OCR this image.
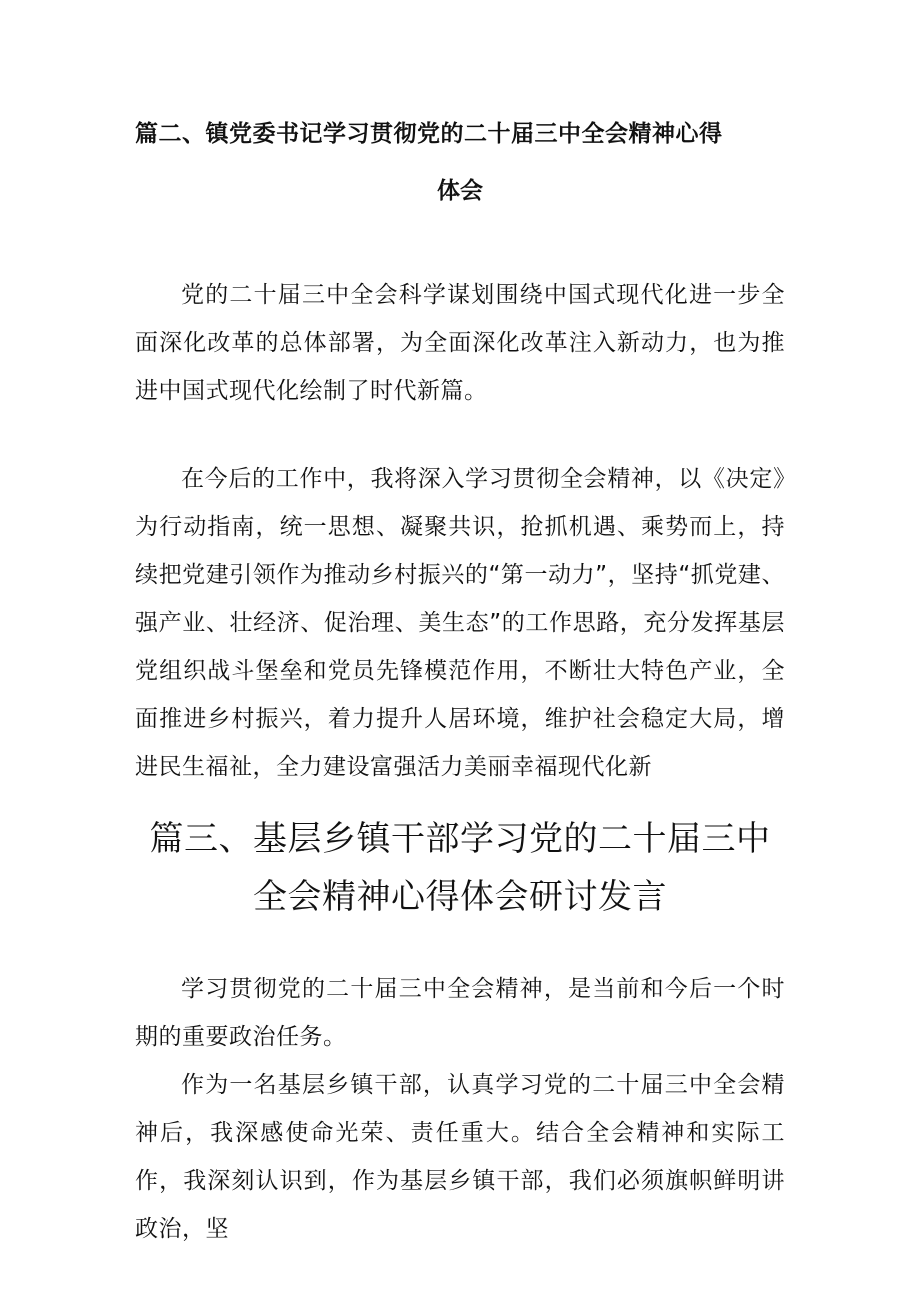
篇二、镇党委书记学习贯彻党的二十届三中全会精神心得
体会

党的二十届三中全会科学谋划围绕中国式现代化进一步全面深化改革的总体部署，为全面深化改革注入新动力，也为推进中国式现代化绘制了时代新篇。

在今后的工作中，我将深入学习贯彻全会精神，以《决定》为行动指南，统一思想、凝聚共识，抢抓机遇、乘势而上，持续把党建引领作为推动乡村振兴的“第一动力”，坚持“抓党建、强产业、壮经济、促治理、美生态”的工作思路，充分发挥基层党组织战斗堡垒和党员先锋模范作用，不断壮大特色产业，全面推进乡村振兴，着力提升人居环境，维护社会稳定大局，增进民生福祉，全力建设富强活力美丽幸福现代化新

篇三、基层乡镇干部学习党的二十届三中全会精神心得体会研讨发言

学习贯彻党的二十届三中全会精神，是当前和今后一个时期的重要政治任务。

作为一名基层乡镇干部，认真学习党的二十届三中全会精神后，我深感使命光荣、责任重大。结合全会精神和实际工作，我深刻认识到，作为基层乡镇干部，我们必须旗帜鲜明讲政治，坚
